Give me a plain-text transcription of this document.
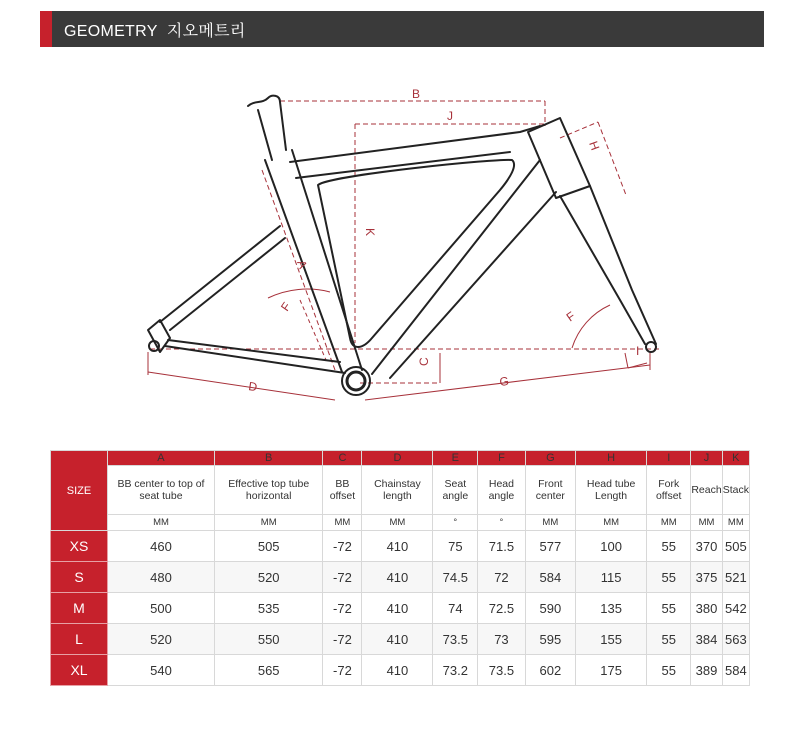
GEOMETRY  지오메트리
A
B
C
D
F
F
G
H
I
J
K
SIZE	A	B	C	D	E	F	G	H	I	J	K
	BB center to top of seat tube	Effective top tube horizontal	BB offset	Chainstay length	Seat angle	Head angle	Front center	Head tube Length	Fork offset	Reach	Stack
	MM	MM	MM	MM	°	°	MM	MM	MM	MM	MM
XS	460	505	-72	410	75	71.5	577	100	55	370	505
S	480	520	-72	410	74.5	72	584	115	55	375	521
M	500	535	-72	410	74	72.5	590	135	55	380	542
L	520	550	-72	410	73.5	73	595	155	55	384	563
XL	540	565	-72	410	73.2	73.5	602	175	55	389	584
